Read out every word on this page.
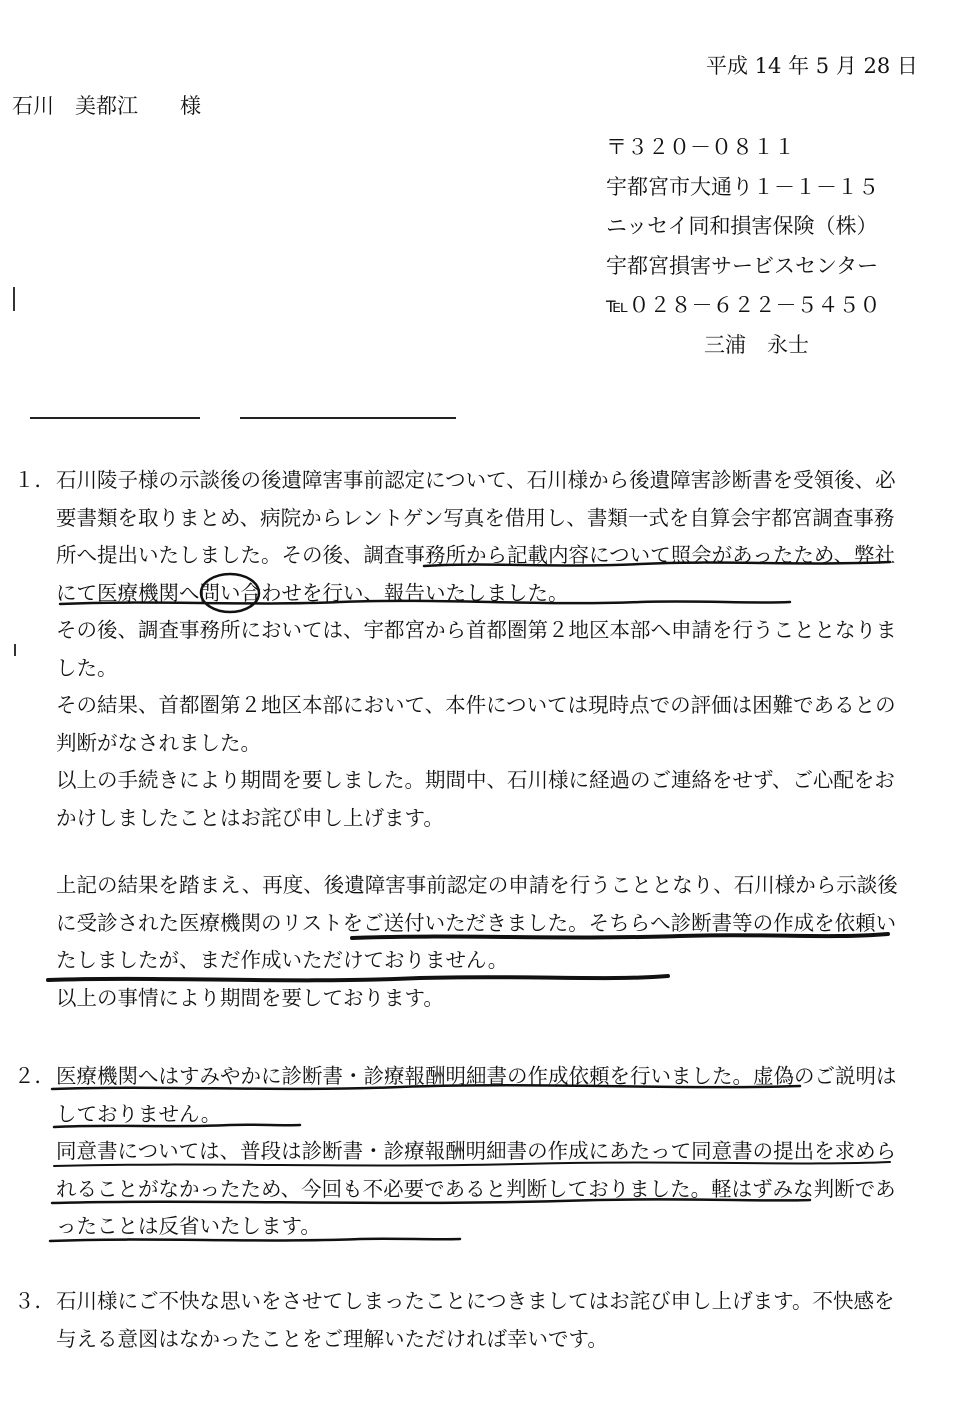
平成 14 年 5 月 28 日
石川　美都江　　様
〒３２０－０８１１
宇都宮市大通り１－１－１５
ニッセイ同和損害保険（株）
宇都宮損害サービスセンター
℡０２８－６２２－５４５０
三浦　永士
１． 石川陵子様の示談後の後遺障害事前認定について、石川様から後遺障害診断書を受領後、必要書類を取りまとめ、病院からレントゲン写真を借用し、書類一式を自算会宇都宮調査事務所へ提出いたしました。その後、調査事務所から記載内容について照会があったため、弊社にて医療機関へ問い合わせを行い、報告いたしました。

その後、調査事務所においては、宇都宮から首都圏第２地区本部へ申請を行うこととなりました。

その結果、首都圏第２地区本部において、本件については現時点での評価は困難であるとの判断がなされました。

以上の手続きにより期間を要しました。期間中、石川様に経過のご連絡をせず、ご心配をおかけしましたことはお詫び申し上げます。

上記の結果を踏まえ、再度、後遺障害事前認定の申請を行うこととなり、石川様から示談後に受診された医療機関のリストをご送付いただきました。そちらへ診断書等の作成を依頼いたしましたが、まだ作成いただけておりません。

以上の事情により期間を要しております。

２． 医療機関へはすみやかに診断書・診療報酬明細書の作成依頼を行いました。虚偽のご説明はしておりません。

同意書については、普段は診断書・診療報酬明細書の作成にあたって同意書の提出を求められることがなかったため、今回も不必要であると判断しておりました。軽はずみな判断であったことは反省いたします。

３． 石川様にご不快な思いをさせてしまったことにつきましてはお詫び申し上げます。不快感を与える意図はなかったことをご理解いただければ幸いです。
